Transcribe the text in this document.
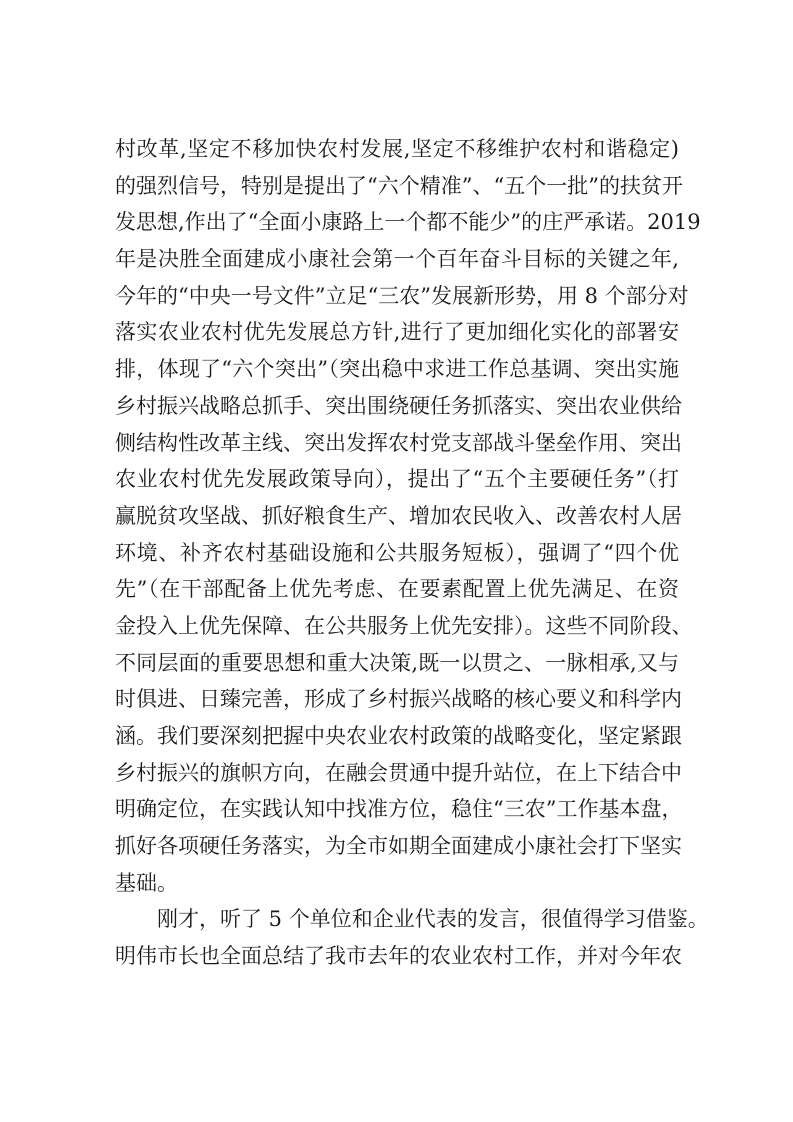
村改革,坚定不移加快农村发展,坚定不移维护农村和谐稳定)
的强烈信号，特别是提出了“六个精准”、“五个一批”的扶贫开
发思想,作出了“全面小康路上一个都不能少”的庄严承诺。2019
年是决胜全面建成小康社会第一个百年奋斗目标的关键之年,
今年的“中央一号文件”立足“三农”发展新形势，用 8 个部分对
落实农业农村优先发展总方针,进行了更加细化实化的部署安
排，体现了“六个突出”（突出稳中求进工作总基调、突出实施
乡村振兴战略总抓手、突出围绕硬任务抓落实、突出农业供给
侧结构性改革主线、突出发挥农村党支部战斗堡垒作用、突出
农业农村优先发展政策导向），提出了“五个主要硬任务”（打
赢脱贫攻坚战、抓好粮食生产、增加农民收入、改善农村人居
环境、补齐农村基础设施和公共服务短板），强调了“四个优
先”（在干部配备上优先考虑、在要素配置上优先满足、在资
金投入上优先保障、在公共服务上优先安排）。这些不同阶段、
不同层面的重要思想和重大决策,既一以贯之、一脉相承,又与
时俱进、日臻完善，形成了乡村振兴战略的核心要义和科学内
涵。我们要深刻把握中央农业农村政策的战略变化，坚定紧跟
乡村振兴的旗帜方向，在融会贯通中提升站位，在上下结合中
明确定位，在实践认知中找准方位，稳住“三农”工作基本盘，
抓好各项硬任务落实，为全市如期全面建成小康社会打下坚实
基础。
刚才，听了 5 个单位和企业代表的发言，很值得学习借鉴。
明伟市长也全面总结了我市去年的农业农村工作，并对今年农
